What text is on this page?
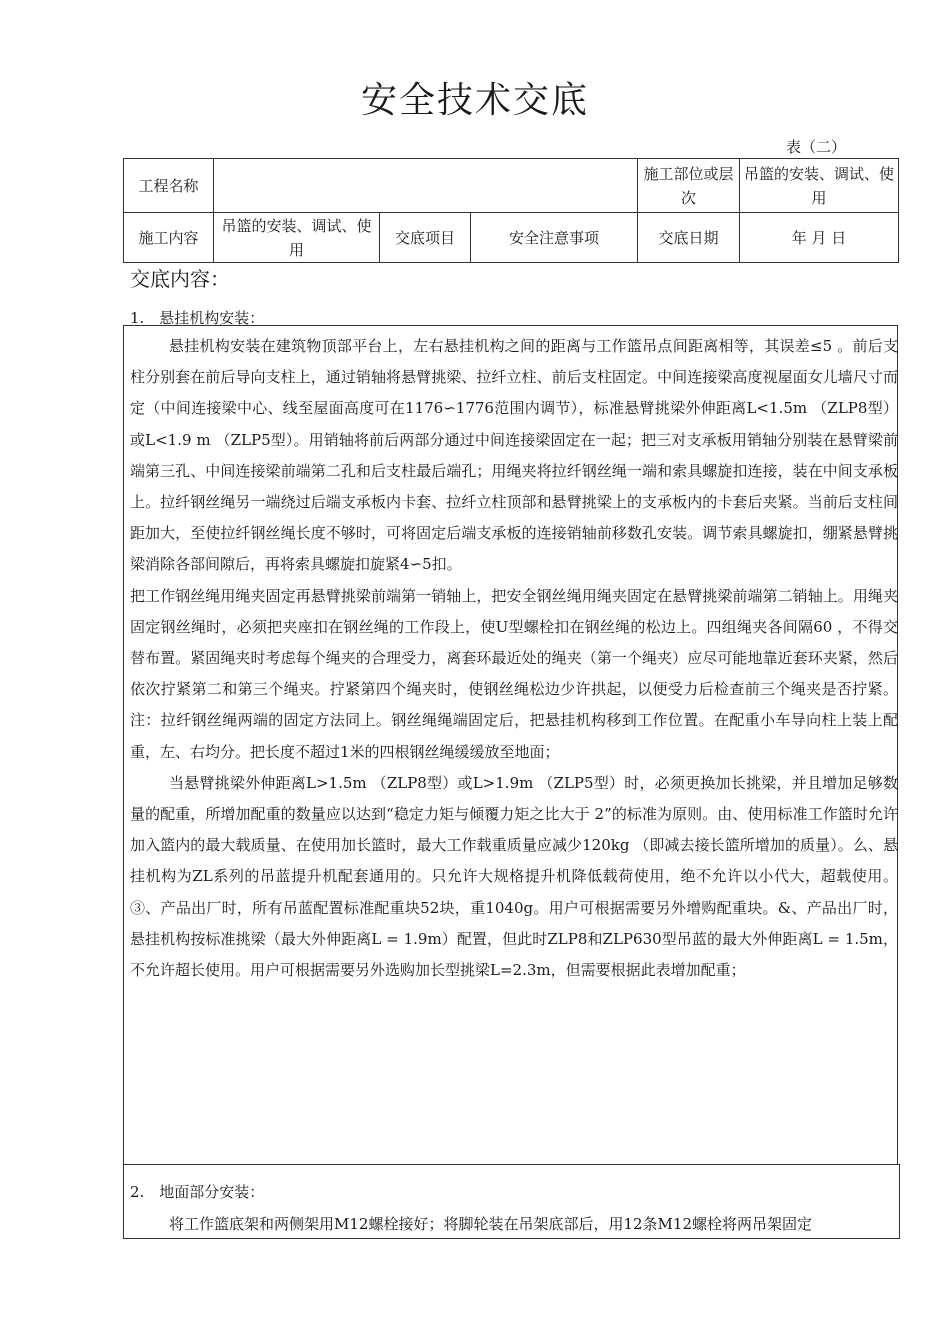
安全技术交底
表（二）
工程名称				施工部位或层次	吊篮的安装、调试、使用
施工内容	吊篮的安装、调试、使用	交底项目	安全注意事项	交底日期	年 月 日
交底内容：
1.　悬挂机构安装：

悬挂机构安装在建筑物顶部平台上，左右悬挂机构之间的距离与工作篮吊点间距离相等，其误差≤5 。前后支柱分别套在前后导向支柱上，通过销轴将悬臂挑梁、拉纤立柱、前后支柱固定。中间连接梁高度视屋面女儿墙尺寸而定（中间连接梁中心、线至屋面高度可在1176∽1776范围内调节），标准悬臂挑梁外伸距离L<1.5m （ZLP8型）或L<1.9 m （ZLP5型）。用销轴将前后两部分通过中间连接梁固定在一起；把三对支承板用销轴分别装在悬臂梁前端第三孔、中间连接梁前端第二孔和后支柱最后端孔；用绳夹将拉纤钢丝绳一端和索具螺旋扣连接，装在中间支承板上。拉纤钢丝绳另一端绕过后端支承板内卡套、拉纤立柱顶部和悬臂挑梁上的支承板内的卡套后夹紧。当前后支柱间距加大，至使拉纤钢丝绳长度不够时，可将固定后端支承板的连接销轴前移数孔安装。调节索具螺旋扣，绷紧悬臂挑梁消除各部间隙后，再将索具螺旋扣旋紧4∽5扣。

把工作钢丝绳用绳夹固定再悬臂挑梁前端第一销轴上，把安全钢丝绳用绳夹固定在悬臂挑梁前端第二销轴上。用绳夹固定钢丝绳时，必须把夹座扣在钢丝绳的工作段上，使U型螺栓扣在钢丝绳的松边上。四组绳夹各间隔60 ，不得交替布置。紧固绳夹时考虑每个绳夹的合理受力，离套环最近处的绳夹（第一个绳夹）应尽可能地靠近套环夹紧，然后依次拧紧第二和第三个绳夹。拧紧第四个绳夹时，使钢丝绳松边少许拱起，以便受力后检查前三个绳夹是否拧紧。注：拉纤钢丝绳两端的固定方法同上。钢丝绳绳端固定后，把悬挂机构移到工作位置。在配重小车导向柱上装上配重，左、右均分。把长度不超过1米的四根钢丝绳缓缓放至地面；

当悬臂挑梁外伸距离L>1.5m （ZLP8型）或L>1.9m （ZLP5型）时，必须更换加长挑梁，并且增加足够数量的配重，所增加配重的数量应以达到“稳定力矩与倾覆力矩之比大于 2”的标准为原则。由、使用标准工作篮时允许加入篮内的最大载质量、在使用加长篮时，最大工作载重质量应减少120kg （即减去接长篮所增加的质量）。么、悬挂机构为ZL系列的吊蓝提升机配套通用的。只允许大规格提升机降低载荷使用，绝不允许以小代大，超载使用。③、产品出厂时，所有吊蓝配置标准配重块52块，重1040g。用户可根据需要另外增购配重块。&、产品出厂时，悬挂机构按标准挑梁（最大外伸距离L = 1.9m）配置，但此时ZLP8和ZLP630型吊蓝的最大外伸距离L = 1.5m，不允许超长使用。用户可根据需要另外选购加长型挑梁L=2.3m，但需要根据此表增加配重；

2.　地面部分安装：

将工作篮底架和两侧架用M12螺栓接好；将脚轮装在吊架底部后，用12条M12螺栓将两吊架固定
